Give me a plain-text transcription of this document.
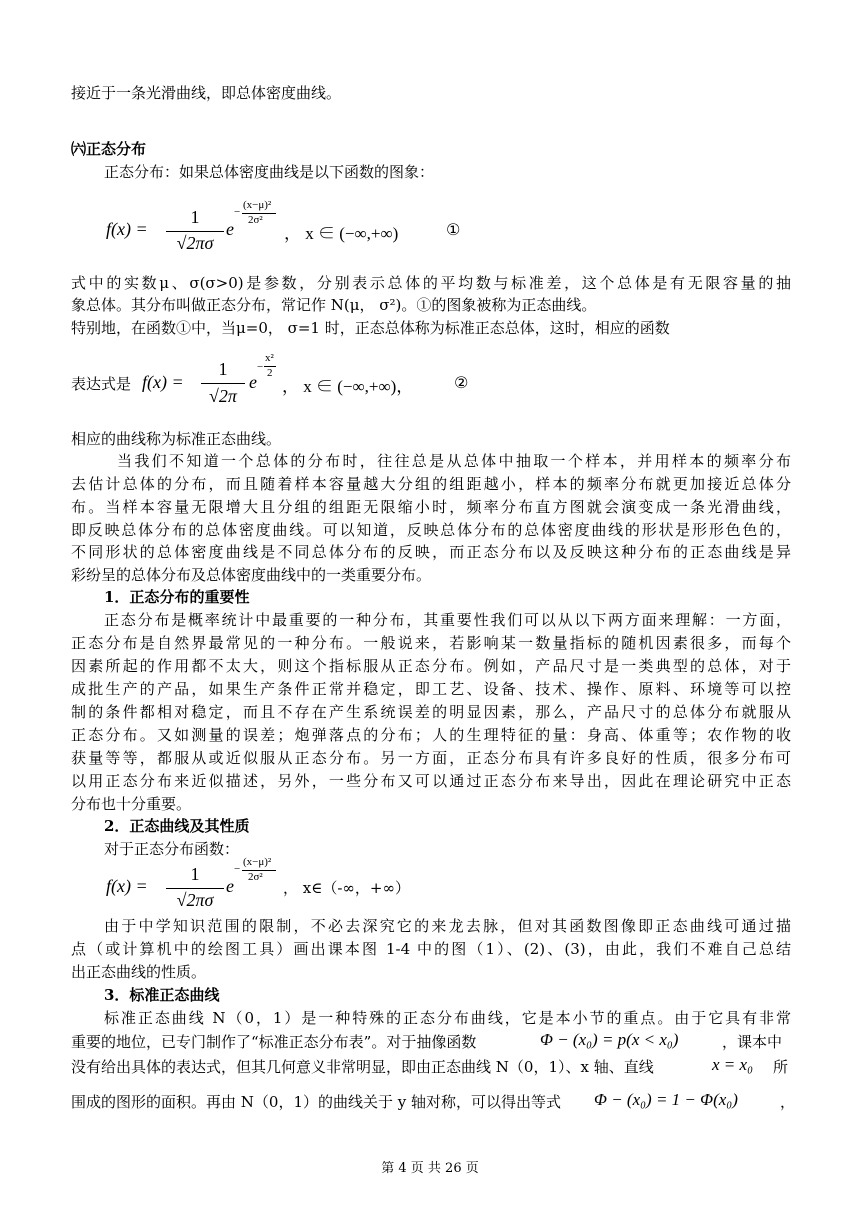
接近于一条光滑曲线，即总体密度曲线。
㈥正态分布
正态分布：如果总体密度曲线是以下函数的图象：
f(x) =
1
√2πσ
e
−
(x−μ)²
2σ²
， x ∈ (−∞,+∞)	①
式中的实数μ、σ(σ>0)是参数，分别表示总体的平均数与标准差，这个总体是有无限容量的抽
象总体。其分布叫做正态分布，常记作 N(μ， σ²)。①的图象被称为正态曲线。
特别地，在函数①中，当μ=0， σ=1 时，正态总体称为标准正态总体，这时，相应的函数
表达式是 f(x) =
1
√2π
e
−
x²
2
， x ∈ (−∞,+∞)，	②
相应的曲线称为标准正态曲线。
当我们不知道一个总体的分布时，往往总是从总体中抽取一个样本，并用样本的频率分布
去估计总体的分布，而且随着样本容量越大分组的组距越小，样本的频率分布就更加接近总体分
布。当样本容量无限增大且分组的组距无限缩小时，频率分布直方图就会演变成一条光滑曲线，
即反映总体分布的总体密度曲线。可以知道，反映总体分布的总体密度曲线的形状是形形色色的，
不同形状的总体密度曲线是不同总体分布的反映，而正态分布以及反映这种分布的正态曲线是异
彩纷呈的总体分布及总体密度曲线中的一类重要分布。
1．正态分布的重要性
正态分布是概率统计中最重要的一种分布，其重要性我们可以从以下两方面来理解：一方面，
正态分布是自然界最常见的一种分布。一般说来，若影响某一数量指标的随机因素很多，而每个
因素所起的作用都不太大，则这个指标服从正态分布。例如，产品尺寸是一类典型的总体，对于
成批生产的产品，如果生产条件正常并稳定，即工艺、设备、技术、操作、原料、环境等可以控
制的条件都相对稳定，而且不存在产生系统误差的明显因素，那么，产品尺寸的总体分布就服从
正态分布。又如测量的误差；炮弹落点的分布；人的生理特征的量：身高、体重等；农作物的收
获量等等，都服从或近似服从正态分布。另一方面，正态分布具有许多良好的性质，很多分布可
以用正态分布来近似描述，另外，一些分布又可以通过正态分布来导出，因此在理论研究中正态
分布也十分重要。
2．正态曲线及其性质
对于正态分布函数：
f(x) =
1
√2πσ
e
−
(x−μ)²
2σ²
， x∈（-∞，+∞）
由于中学知识范围的限制，不必去深究它的来龙去脉，但对其函数图像即正态曲线可通过描
点（或计算机中的绘图工具）画出课本图 1-4 中的图（1）、(2)、(3)，由此，我们不难自己总结
出正态曲线的性质。
3．标准正态曲线
标准正态曲线 N（0，1）是一种特殊的正态分布曲线，它是本小节的重点。由于它具有非常
重要的地位，已专门制作了“标准正态分布表”。对于抽像函数	Φ − (x₀) = p(x < x₀)	，课本中
没有给出具体的表达式，但其几何意义非常明显，即由正态曲线 N（0，1）、x 轴、直线	x = x₀ 所
围成的图形的面积。再由 N（0，1）的曲线关于 y 轴对称，可以得出等式	Φ − (x₀) = 1 − Φ(x₀)	，
第 4 页 共 26 页
